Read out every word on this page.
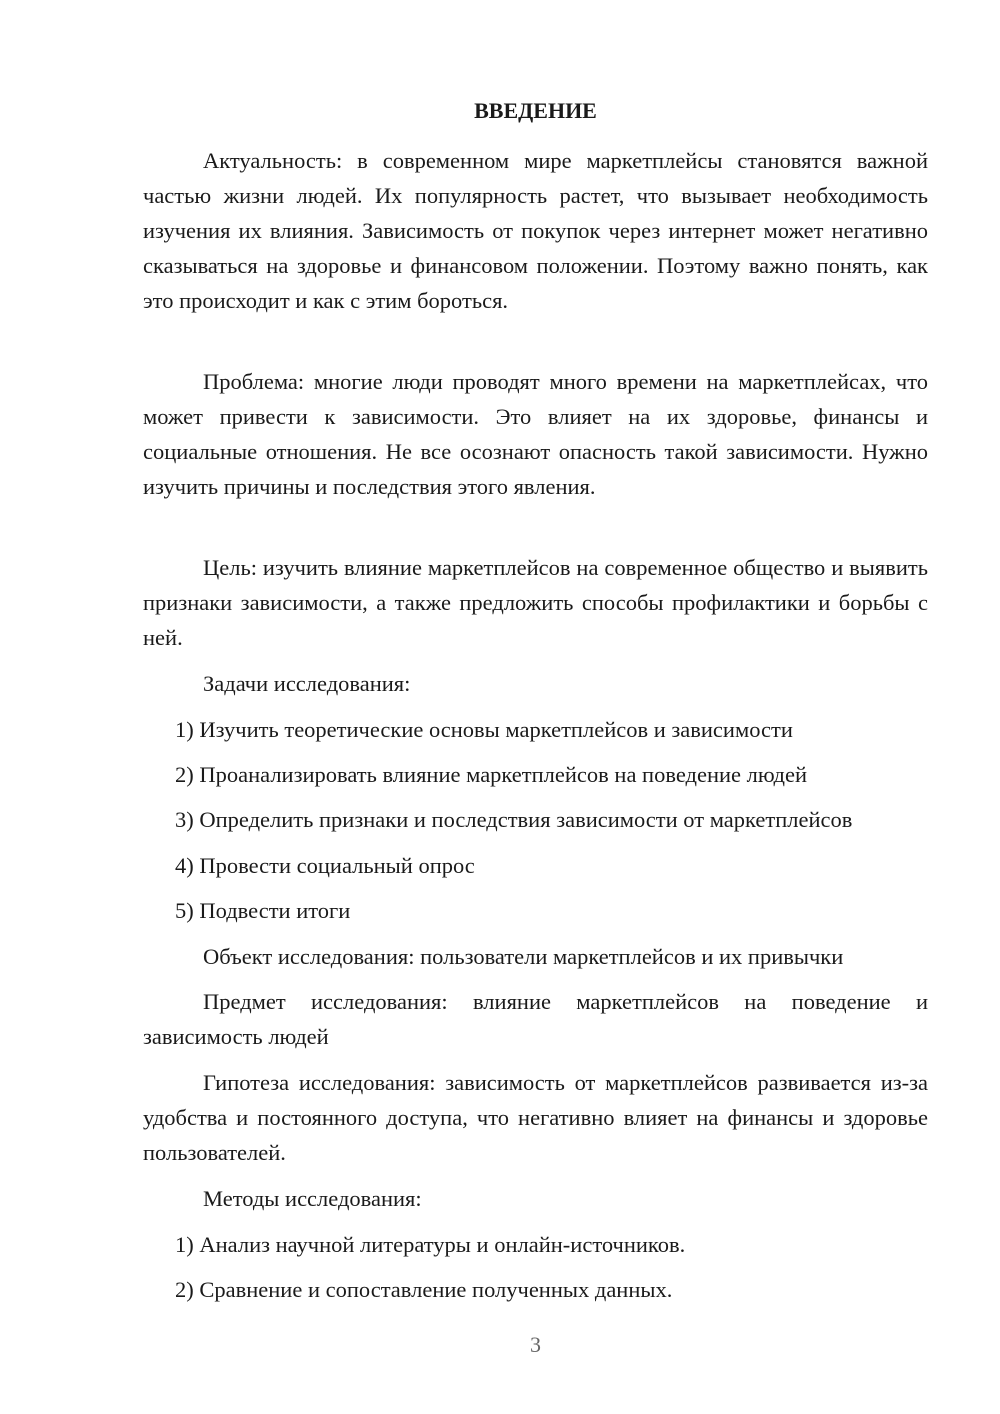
ВВЕДЕНИЕ

Актуальность: в современном мире маркетплейсы становятся важной частью жизни людей. Их популярность растет, что вызывает необходимость изучения их влияния. Зависимость от покупок через интернет может негативно сказываться на здоровье и финансовом положении. Поэтому важно понять, как это происходит и как с этим бороться.

Проблема: многие люди проводят много времени на маркетплейсах, что может привести к зависимости. Это влияет на их здоровье, финансы и социальные отношения. Не все осознают опасность такой зависимости. Нужно изучить причины и последствия этого явления.

Цель: изучить влияние маркетплейсов на современное общество и выявить признаки зависимости, а также предложить способы профилактики и борьбы с ней.

Задачи исследования:

1) Изучить теоретические основы маркетплейсов и зависимости

2) Проанализировать влияние маркетплейсов на поведение людей

3) Определить признаки и последствия зависимости от маркетплейсов

4) Провести социальный опрос

5) Подвести итоги

Объект исследования: пользователи маркетплейсов и их привычки

Предмет исследования: влияние маркетплейсов на поведение и зависимость людей

Гипотеза исследования: зависимость от маркетплейсов развивается из-за удобства и постоянного доступа, что негативно влияет на финансы и здоровье пользователей.

Методы исследования:

1) Анализ научной литературы и онлайн-источников.

2) Сравнение и сопоставление полученных данных.

3
